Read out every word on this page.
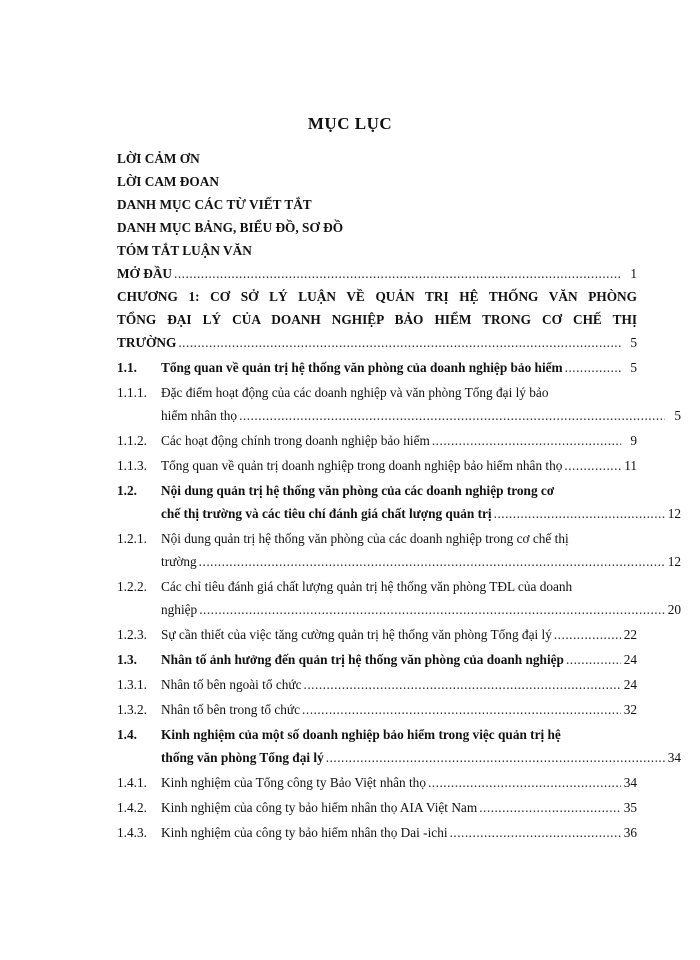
MỤC LỤC
LỜI CẢM ƠN
LỜI CAM ĐOAN
DANH MỤC CÁC TỪ VIẾT TẮT
DANH MỤC BẢNG, BIỂU ĐỒ, SƠ ĐỒ
TÓM TẮT LUẬN VĂN
MỞ ĐẦU .....	1
CHƯƠNG 1: CƠ SỞ LÝ LUẬN VỀ QUẢN TRỊ HỆ THỐNG VĂN PHÒNG
TỔNG ĐẠI LÝ CỦA DOANH NGHIỆP BẢO HIỂM TRONG CƠ CHẾ THỊ
TRƯỜNG .....	5
1.1.	Tổng quan về quản trị hệ thống văn phòng của doanh nghiệp bảo hiểm .....	5
1.1.1.	Đặc điểm hoạt động của các doanh nghiệp và văn phòng Tổng đại lý bảo
hiểm nhân thọ .....	5
1.1.2.	Các hoạt động chính trong doanh nghiệp bảo hiểm .....	9
1.1.3.	Tổng quan về quản trị doanh nghiệp trong doanh nghiệp bảo hiểm nhân thọ .....	11
1.2.	Nội dung quản trị hệ thống văn phòng của các doanh nghiệp trong cơ
chế thị trường và các tiêu chí đánh giá chất lượng quản trị .....	12
1.2.1.	Nội dung quản trị hệ thống văn phòng của các doanh nghiệp trong cơ chế thị
trường .....	12
1.2.2.	Các chỉ tiêu đánh giá chất lượng quản trị hệ thống văn phòng TĐL của doanh
nghiệp .....	20
1.2.3.	Sự cần thiết của việc tăng cường quản trị hệ thống văn phòng Tổng đại lý .....	22
1.3.	Nhân tố ảnh hưởng đến quản trị hệ thống văn phòng của doanh nghiệp .....	24
1.3.1.	Nhân tố bên ngoài tổ chức .....	24
1.3.2.	Nhân tố bên trong tổ chức .....	32
1.4.	Kinh nghiệm của một số doanh nghiệp bảo hiểm trong việc quản trị hệ
thống văn phòng Tổng đại lý .....	34
1.4.1.	Kinh nghiệm của Tổng công ty Bảo Việt nhân thọ .....	34
1.4.2.	Kinh nghiệm của công ty bảo hiểm nhân thọ AIA Việt Nam .....	35
1.4.3.	Kinh nghiệm của công ty bảo hiểm nhân thọ Dai -ichi .....	36
